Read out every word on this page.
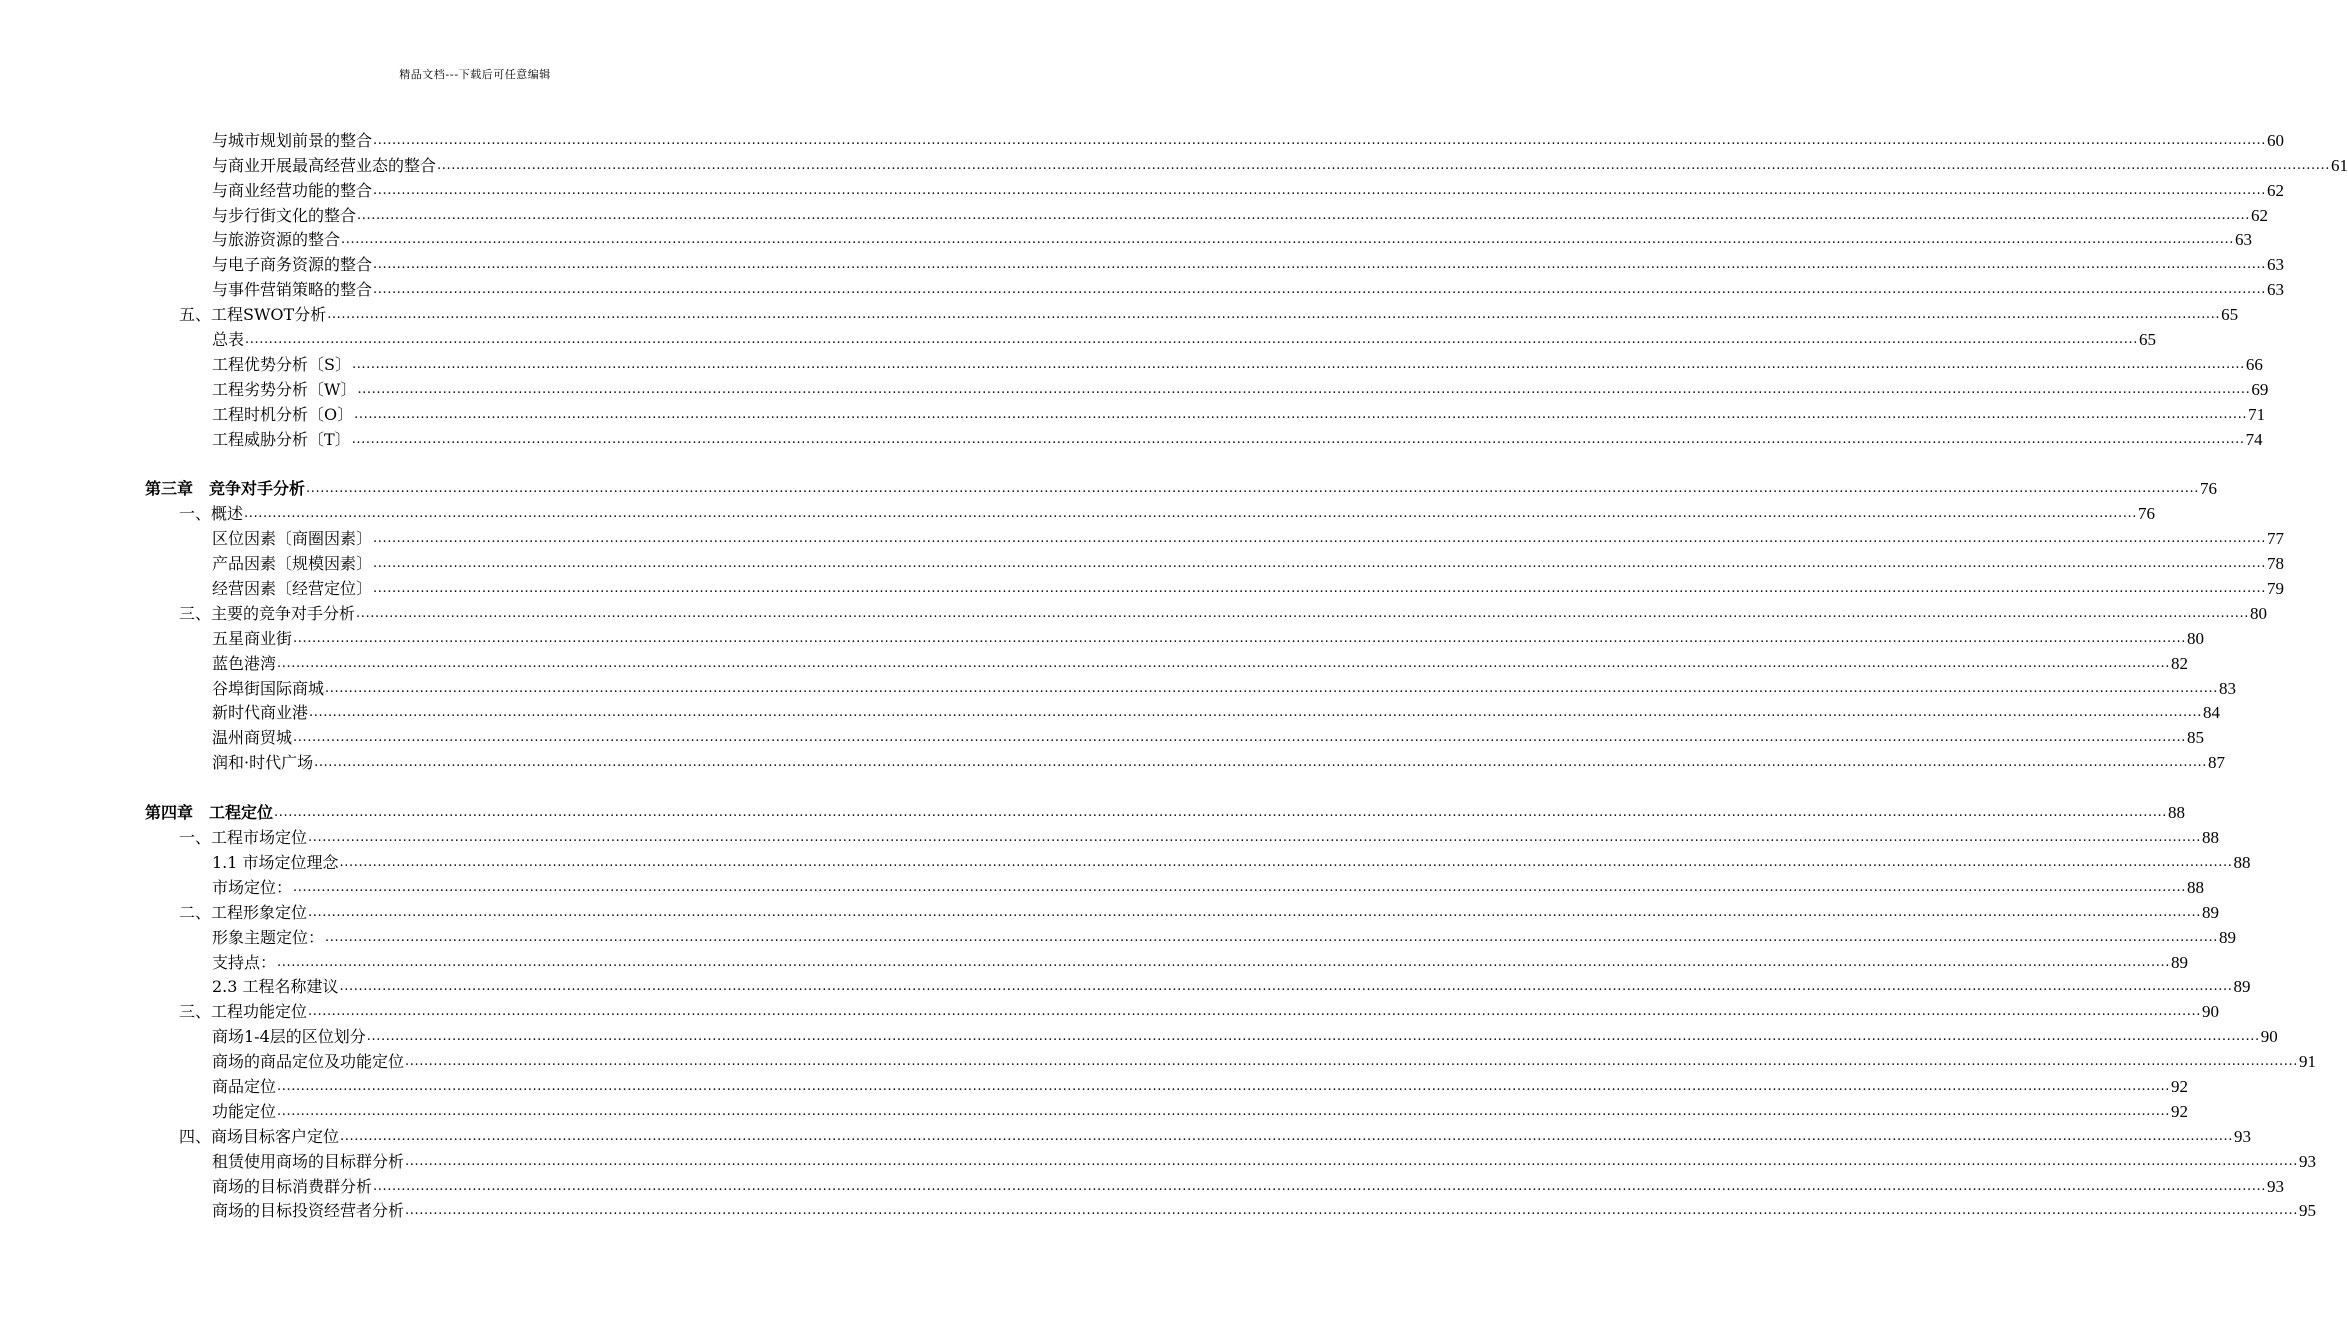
精品文档---下载后可任意编辑
与城市规划前景的整合 ................................................................................................................................................................................................................................................................................................................................................................................................................ 60
与商业开展最高经营业态的整合 ................................................................................................................................................................................................................................................................................................................................................................................................................ 61
与商业经营功能的整合 ................................................................................................................................................................................................................................................................................................................................................................................................................ 62
与步行街文化的整合 ................................................................................................................................................................................................................................................................................................................................................................................................................ 62
与旅游资源的整合 ................................................................................................................................................................................................................................................................................................................................................................................................................ 63
与电子商务资源的整合 ................................................................................................................................................................................................................................................................................................................................................................................................................ 63
与事件营销策略的整合 ................................................................................................................................................................................................................................................................................................................................................................................................................ 63
五、工程SWOT分析 ................................................................................................................................................................................................................................................................................................................................................................................................................ 65
总表 ................................................................................................................................................................................................................................................................................................................................................................................................................ 65
工程优势分析〔S〕 ................................................................................................................................................................................................................................................................................................................................................................................................................ 66
工程劣势分析〔W〕 ................................................................................................................................................................................................................................................................................................................................................................................................................ 69
工程时机分析〔O〕 ................................................................................................................................................................................................................................................................................................................................................................................................................ 71
工程威胁分析〔T〕 ................................................................................................................................................................................................................................................................................................................................................................................................................ 74
第三章　竞争对手分析 ................................................................................................................................................................................................................................................................................................................................................................................................................ 76
一、概述 ................................................................................................................................................................................................................................................................................................................................................................................................................ 76
区位因素〔商圈因素〕 ................................................................................................................................................................................................................................................................................................................................................................................................................ 77
产品因素〔规模因素〕 ................................................................................................................................................................................................................................................................................................................................................................................................................ 78
经营因素〔经营定位〕 ................................................................................................................................................................................................................................................................................................................................................................................................................ 79
三、主要的竞争对手分析 ................................................................................................................................................................................................................................................................................................................................................................................................................ 80
五星商业街 ................................................................................................................................................................................................................................................................................................................................................................................................................ 80
蓝色港湾 ................................................................................................................................................................................................................................................................................................................................................................................................................ 82
谷埠街国际商城 ................................................................................................................................................................................................................................................................................................................................................................................................................ 83
新时代商业港 ................................................................................................................................................................................................................................................................................................................................................................................................................ 84
温州商贸城 ................................................................................................................................................................................................................................................................................................................................................................................................................ 85
润和·时代广场 ................................................................................................................................................................................................................................................................................................................................................................................................................ 87
第四章　工程定位 ................................................................................................................................................................................................................................................................................................................................................................................................................ 88
一、工程市场定位 ................................................................................................................................................................................................................................................................................................................................................................................................................ 88
1.1 市场定位理念 ................................................................................................................................................................................................................................................................................................................................................................................................................ 88
市场定位： ................................................................................................................................................................................................................................................................................................................................................................................................................ 88
二、工程形象定位 ................................................................................................................................................................................................................................................................................................................................................................................................................ 89
形象主题定位： ................................................................................................................................................................................................................................................................................................................................................................................................................ 89
支持点： ................................................................................................................................................................................................................................................................................................................................................................................................................ 89
2.3 工程名称建议 ................................................................................................................................................................................................................................................................................................................................................................................................................ 89
三、工程功能定位 ................................................................................................................................................................................................................................................................................................................................................................................................................ 90
商场1-4层的区位划分 ................................................................................................................................................................................................................................................................................................................................................................................................................ 90
商场的商品定位及功能定位 ................................................................................................................................................................................................................................................................................................................................................................................................................ 91
商品定位 ................................................................................................................................................................................................................................................................................................................................................................................................................ 92
功能定位 ................................................................................................................................................................................................................................................................................................................................................................................................................ 92
四、商场目标客户定位 ................................................................................................................................................................................................................................................................................................................................................................................................................ 93
租赁使用商场的目标群分析 ................................................................................................................................................................................................................................................................................................................................................................................................................ 93
商场的目标消费群分析 ................................................................................................................................................................................................................................................................................................................................................................................................................ 93
商场的目标投资经营者分析 ................................................................................................................................................................................................................................................................................................................................................................................................................ 95
